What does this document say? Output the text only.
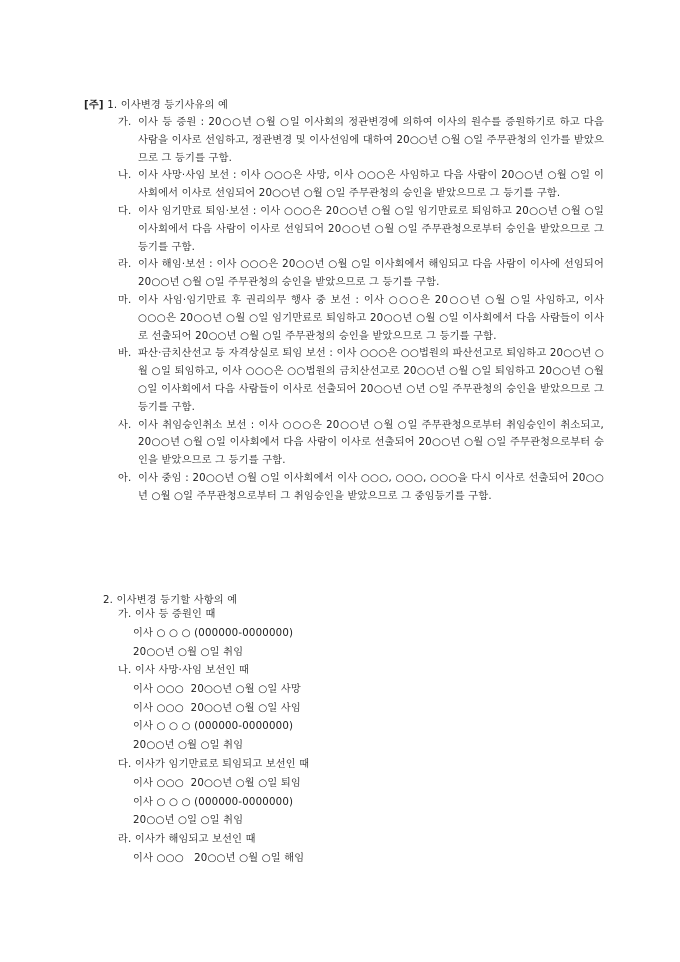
[주] 1. 이사변경 등기사유의 예
가. 이사 등 증원 : 20○○년 ○월 ○일 이사회의 정관변경에 의하여 이사의 원수를 증원하기로 하고 다음 사람을 이사로 선임하고, 정관변경 및 이사선임에 대하여 20○○년 ○월 ○일 주무관청의 인가를 받았으므로 그 등기를 구함.
나. 이사 사망·사임 보선 : 이사 ○○○은 사망, 이사 ○○○은 사임하고 다음 사람이 20○○년 ○월 ○일 이사회에서 이사로 선임되어 20○○년 ○월 ○일 주무관청의 승인을 받았으므로 그 등기를 구함.
다. 이사 임기만료 퇴임·보선 : 이사 ○○○은 20○○년 ○월 ○일 임기만료로 퇴임하고 20○○년 ○월 ○일 이사회에서 다음 사람이 이사로 선임되어 20○○년 ○월 ○일 주무관청으로부터 승인을 받았으므로 그 등기를 구함.
라. 이사 해임·보선 : 이사 ○○○은 20○○년 ○월 ○일 이사회에서 해임되고 다음 사람이 이사에 선임되어 20○○년 ○월 ○일 주무관청의 승인을 받았으므로 그 등기를 구함.
마. 이사 사임·임기만료 후 권리의무 행사 중 보선 : 이사 ○○○은 20○○년 ○월 ○일 사임하고, 이사 ○○○은 20○○년 ○월 ○일 임기만료로 퇴임하고 20○○년 ○월 ○일 이사회에서 다음 사람들이 이사로 선출되어 20○○년 ○월 ○일 주무관청의 승인을 받았으므로 그 등기를 구함.
바. 파산·금치산선고 등 자격상실로 퇴임 보선 : 이사 ○○○은 ○○법원의 파산선고로 퇴임하고 20○○년 ○월 ○일 퇴임하고, 이사 ○○○은 ○○법원의 금치산선고로 20○○년 ○월 ○일 퇴임하고 20○○년 ○월 ○일 이사회에서 다음 사람들이 이사로 선출되어 20○○년 ○년 ○일 주무관청의 승인을 받았으므로 그 등기를 구함.
사. 이사 취임승인취소 보선 : 이사 ○○○은 20○○년 ○월 ○일 주무관청으로부터 취임승인이 취소되고, 20○○년 ○월 ○일 이사회에서 다음 사람이 이사로 선출되어 20○○년 ○월 ○일 주무관청으로부터 승인을 받았으므로 그 등기를 구함.
아. 이사 중임 : 20○○년 ○월 ○일 이사회에서 이사 ○○○, ○○○, ○○○을 다시 이사로 선출되어 20○○년 ○월 ○일 주무관청으로부터 그 취임승인을 받았으므로 그 중임등기를 구함.
2. 이사변경 등기할 사항의 예
가. 이사 등 증원인 때
이사 ○ ○ ○ (000000-0000000)
20○○년 ○월 ○일 취임
나. 이사 사망·사임 보선인 때
이사 ○○○  20○○년 ○월 ○일 사망
이사 ○○○  20○○년 ○월 ○일 사임
이사 ○ ○ ○ (000000-0000000)
20○○년 ○월 ○일 취임
다. 이사가 임기만료로 퇴임되고 보선인 때
이사 ○○○  20○○년 ○월 ○일 퇴임
이사 ○ ○ ○ (000000-0000000)
20○○년 ○일 ○일 취임
라. 이사가 해임되고 보선인 때
이사 ○○○   20○○년 ○월 ○일 해임
